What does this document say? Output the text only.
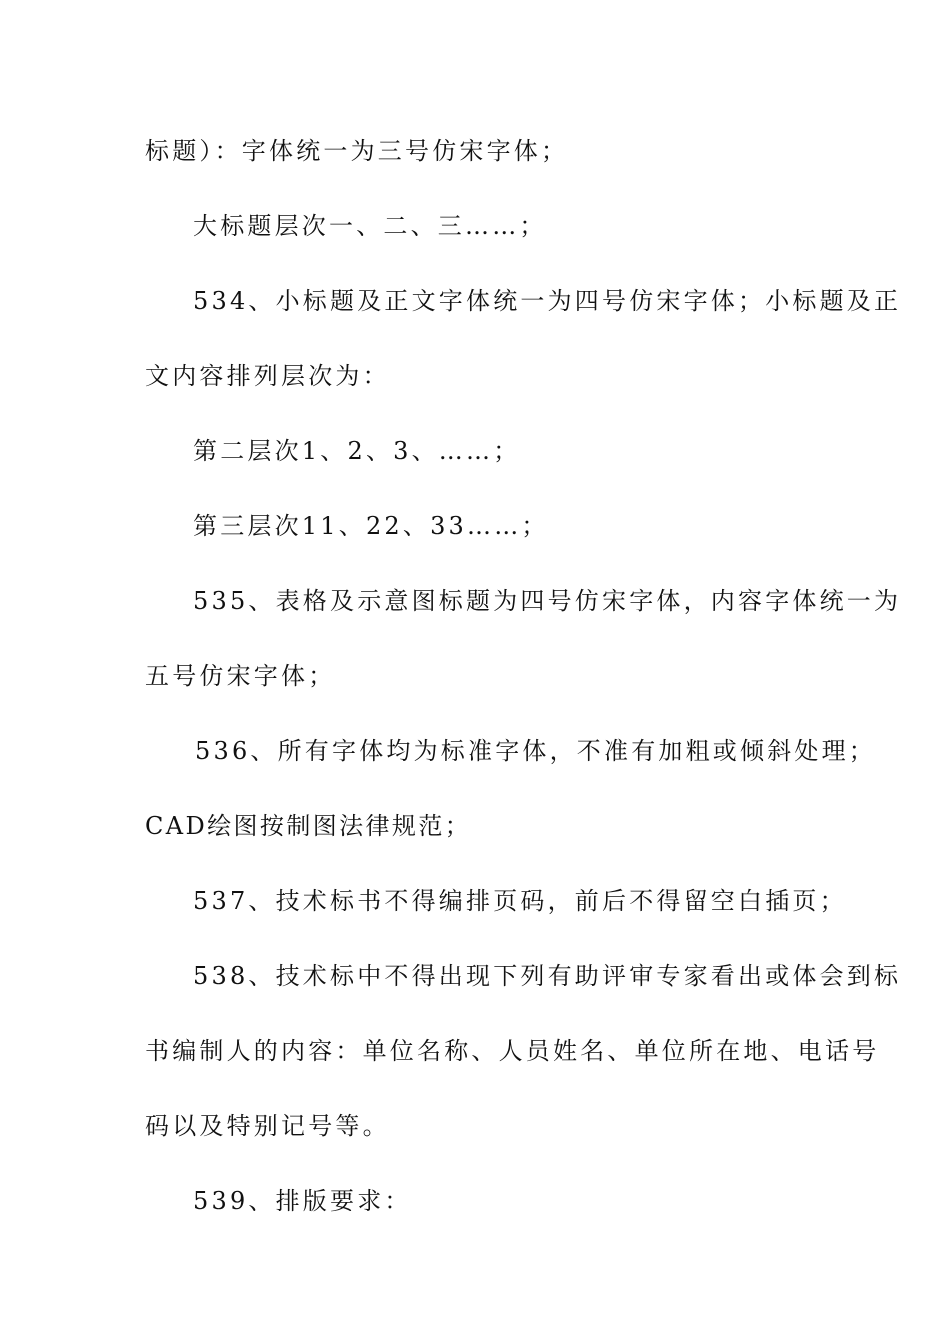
标题）：字体统一为三号仿宋字体；
大标题层次一、二、三……；
534、小标题及正文字体统一为四号仿宋字体；小标题及正
文内容排列层次为：
第二层次1、2、3、……；
第三层次11、22、33……；
535、表格及示意图标题为四号仿宋字体，内容字体统一为
五号仿宋字体；
536、所有字体均为标准字体，不准有加粗或倾斜处理；
CAD绘图按制图法律规范；
537、技术标书不得编排页码，前后不得留空白插页；
538、技术标中不得出现下列有助评审专家看出或体会到标
书编制人的内容：单位名称、人员姓名、单位所在地、电话号
码以及特别记号等。
539、排版要求：
